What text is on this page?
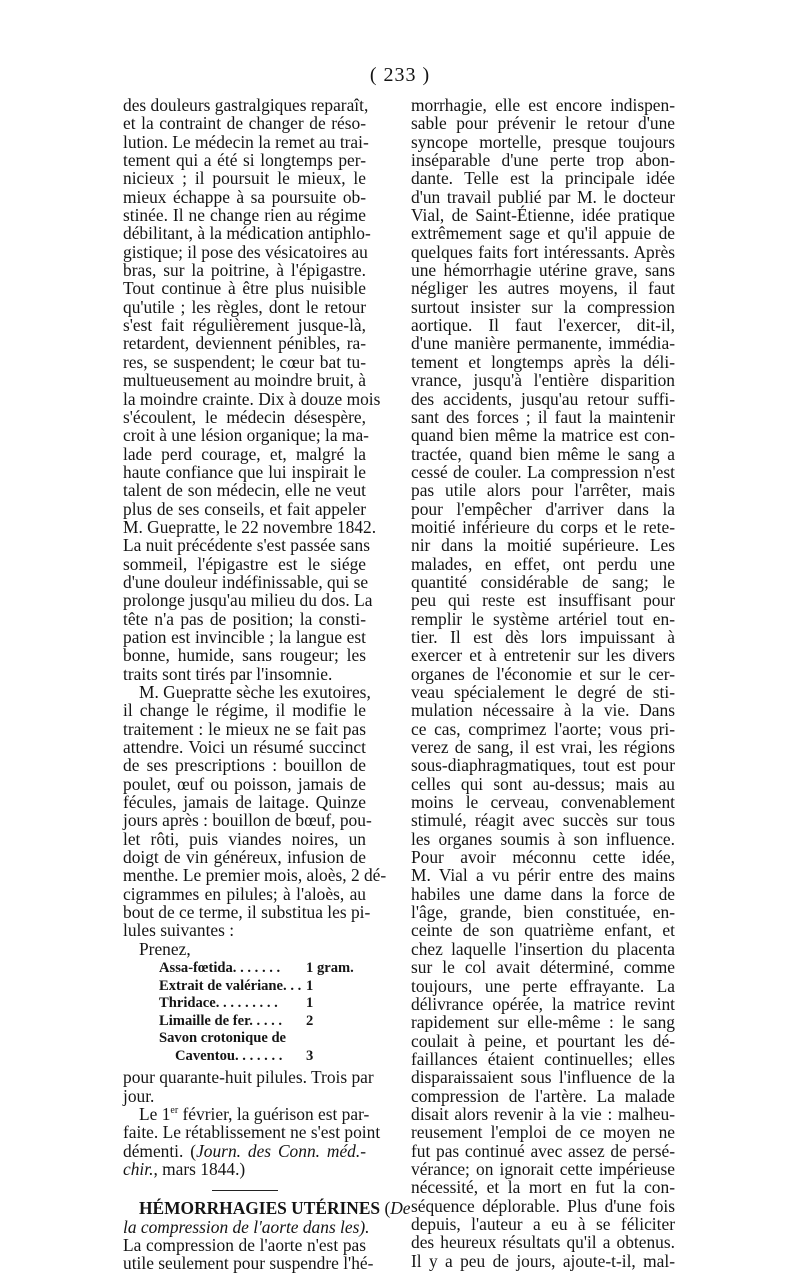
( 233 )
des douleurs gastralgiques reparaît,
et la contraint de changer de réso-
lution. Le médecin la remet au trai-
tement qui a été si longtemps per-
nicieux ; il poursuit le mieux, le
mieux échappe à sa poursuite ob-
stinée. Il ne change rien au régime
débilitant, à la médication antiphlo-
gistique; il pose des vésicatoires au
bras, sur la poitrine, à l'épigastre.
Tout continue à être plus nuisible
qu'utile ; les règles, dont le retour
s'est fait régulièrement jusque-là,
retardent, deviennent pénibles, ra-
res, se suspendent; le cœur bat tu-
multueusement au moindre bruit, à
la moindre crainte. Dix à douze mois
s'écoulent, le médecin désespère,
croit à une lésion organique; la ma-
lade perd courage, et, malgré la
haute confiance que lui inspirait le
talent de son médecin, elle ne veut
plus de ses conseils, et fait appeler
M. Gueprattе, le 22 novembre 1842.
La nuit précédente s'est passée sans
sommeil, l'épigastre est le siége
d'une douleur indéfinissable, qui se
prolonge jusqu'au milieu du dos. La
tête n'a pas de position; la consti-
pation est invincible ; la langue est
bonne, humide, sans rougeur; les
traits sont tirés par l'insomnie.
M. Gueprattе sèche les exutoires,
il change le régime, il modifie le
traitement : le mieux ne se fait pas
attendre. Voici un résumé succinct
de ses prescriptions : bouillon de
poulet, œuf ou poisson, jamais de
fécules, jamais de laitage. Quinze
jours après : bouillon de bœuf, pou-
let rôti, puis viandes noires, un
doigt de vin généreux, infusion de
menthe. Le premier mois, aloès, 2 dé-
cigrammes en pilules; à l'aloès, au
bout de ce terme, il substitua les pi-
lules suivantes :
Prenez,
Assa-fœtida. . . . . . . 1 gram.
Extrait de valériane. . . 1
Thridace. . . . . . . . . 1
Limaille de fer. . . . . 2
Savon crotonique de
Caventou. . . . . . . 3
pour quarante-huit pilules. Trois par
jour.
Le 1er février, la guérison est par-
faite. Le rétablissement ne s'est point
démenti. (Journ. des Conn. méd.-
chir., mars 1844.)
HÉMORRHAGIES UTÉRINES (De
la compression de l'aorte dans les).
La compression de l'aorte n'est pas
utile seulement pour suspendre l'hé-
morrhagie, elle est encore indispen-
sable pour prévenir le retour d'une
syncope mortelle, presque toujours
inséparable d'une perte trop abon-
dante. Telle est la principale idée
d'un travail publié par M. le docteur
Vial, de Saint-Étienne, idée pratique
extrêmement sage et qu'il appuie de
quelques faits fort intéressants. Après
une hémorrhagie utérine grave, sans
négliger les autres moyens, il faut
surtout insister sur la compression
aortique. Il faut l'exercer, dit-il,
d'une manière permanente, immédia-
tement et longtemps après la déli-
vrance, jusqu'à l'entière disparition
des accidents, jusqu'au retour suffi-
sant des forces ; il faut la maintenir
quand bien même la matrice est con-
tractée, quand bien même le sang a
cessé de couler. La compression n'est
pas utile alors pour l'arrêter, mais
pour l'empêcher d'arriver dans la
moitié inférieure du corps et le rete-
nir dans la moitié supérieure. Les
malades, en effet, ont perdu une
quantité considérable de sang; le
peu qui reste est insuffisant pour
remplir le système artériel tout en-
tier. Il est dès lors impuissant à
exercer et à entretenir sur les divers
organes de l'économie et sur le cer-
veau spécialement le degré de sti-
mulation nécessaire à la vie. Dans
ce cas, comprimez l'aorte; vous pri-
verez de sang, il est vrai, les régions
sous-diaphragmatiques, tout est pour
celles qui sont au-dessus; mais au
moins le cerveau, convenablement
stimulé, réagit avec succès sur tous
les organes soumis à son influence.
Pour avoir méconnu cette idée,
M. Vial a vu périr entre des mains
habiles une dame dans la force de
l'âge, grande, bien constituée, en-
ceinte de son quatrième enfant, et
chez laquelle l'insertion du placenta
sur le col avait déterminé, comme
toujours, une perte effrayante. La
délivrance opérée, la matrice revint
rapidement sur elle-même : le sang
coulait à peine, et pourtant les dé-
faillances étaient continuelles; elles
disparaissaient sous l'influence de la
compression de l'artère. La malade
disait alors revenir à la vie : malheu-
reusement l'emploi de ce moyen ne
fut pas continué avec assez de persé-
vérance; on ignorait cette impérieuse
nécessité, et la mort en fut la con-
séquence déplorable. Plus d'une fois
depuis, l'auteur a eu à se féliciter
des heureux résultats qu'il a obtenus.
Il y a peu de jours, ajoute-t-il, mal-
